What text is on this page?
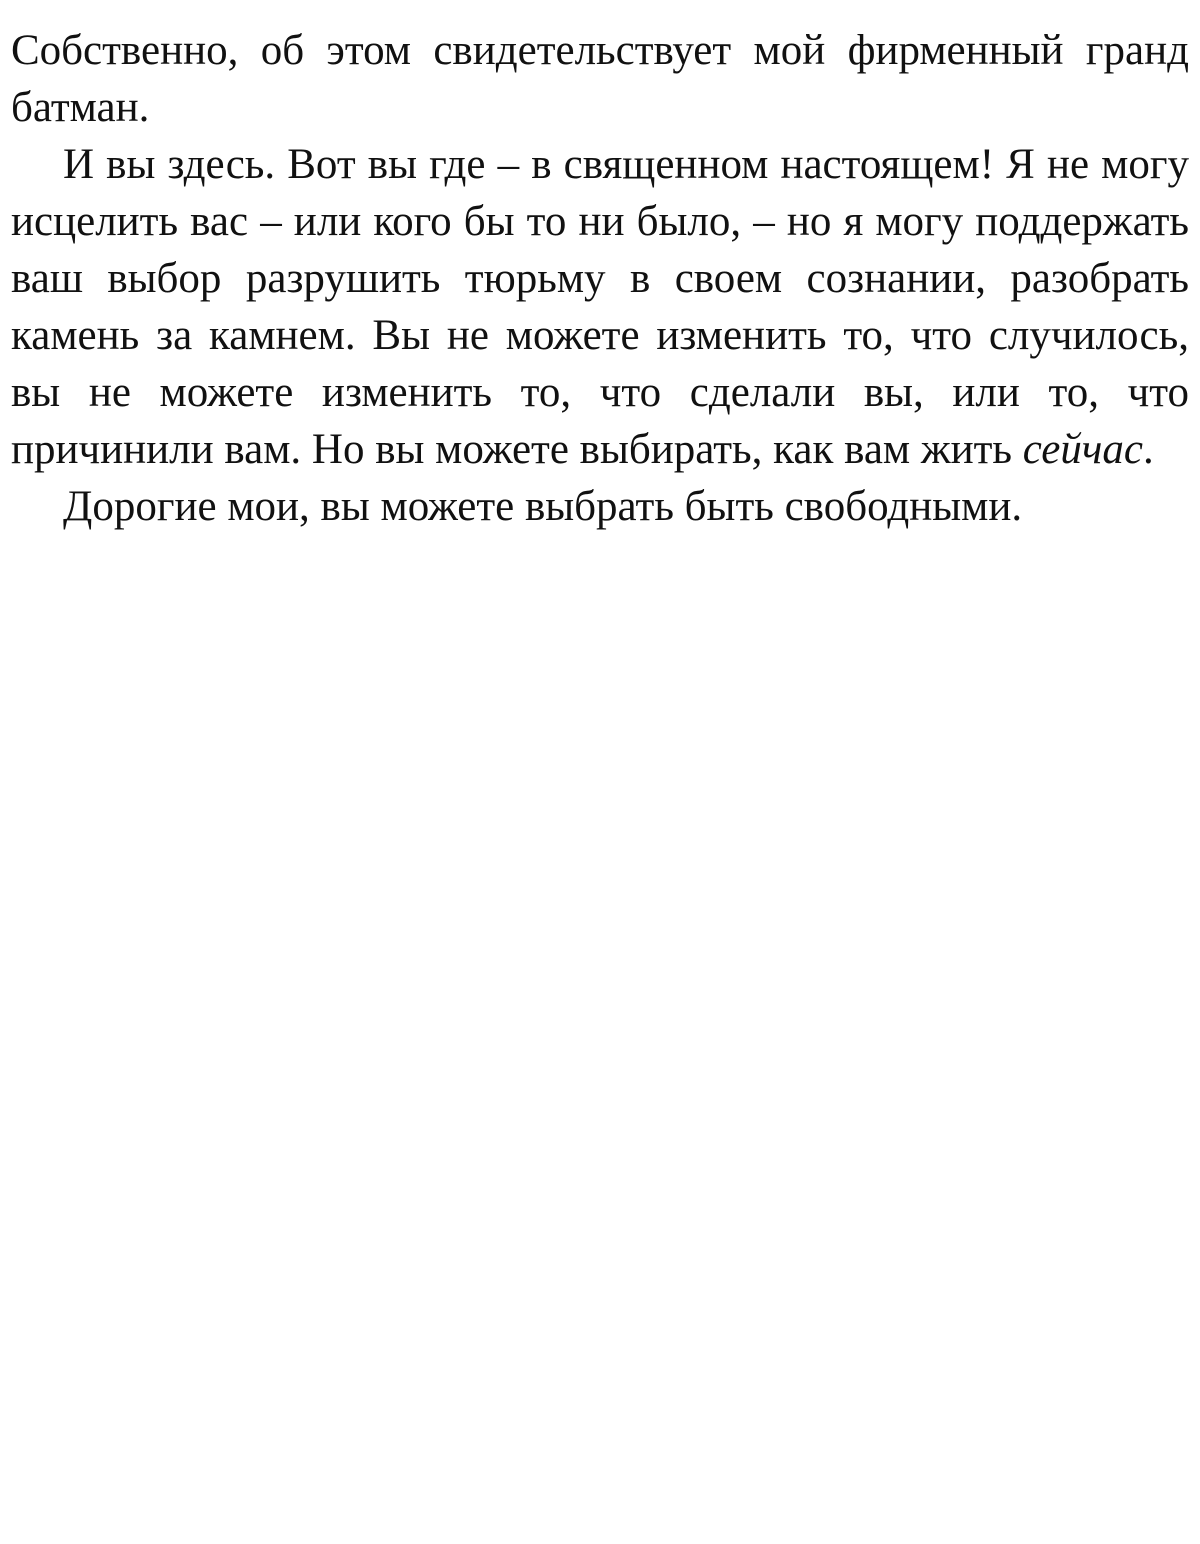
Собственно, об этом свидетельствует мой фирменный гранд батман.

И вы здесь. Вот вы где – в священном настоящем! Я не могу исцелить вас – или кого бы то ни было, – но я могу поддержать ваш выбор разрушить тюрьму в своем сознании, разобрать камень за камнем. Вы не можете изменить то, что случилось, вы не можете изменить то, что сделали вы, или то, что причинили вам. Но вы можете выбирать, как вам жить сейчас.

Дорогие мои, вы можете выбрать быть свободными.
